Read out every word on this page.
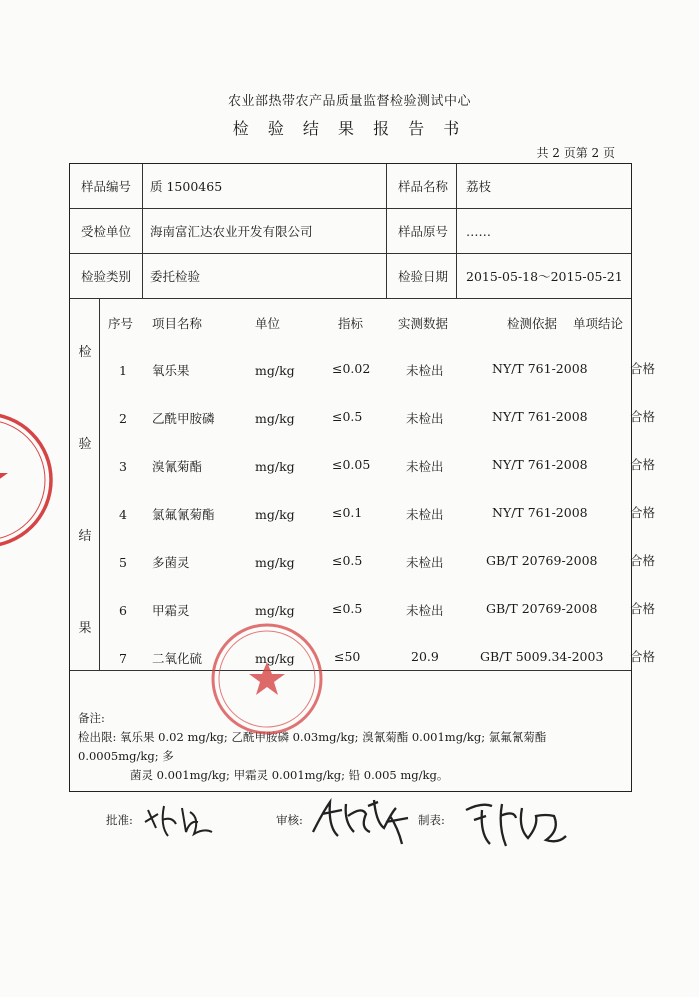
农业部热带农产品质量监督检验测试中心
检 验 结 果 报 告 书
共 2 页第 2 页
样品编号	质 1500465	样品名称	荔枝
受检单位	海南富汇达农业开发有限公司	样品原号	……
检验类别	委托检验	检验日期	2015-05-18～2015-05-21
检
验
结
果
序号 项目名称	单位	指标	实测数据	检测依据 单项结论
1 氧乐果	mg/kg	≤0.02	未检出	NY/T 761-2008	合格
2 乙酰甲胺磷	mg/kg	≤0.5	未检出	NY/T 761-2008	合格
3 溴氰菊酯	mg/kg	≤0.05	未检出	NY/T 761-2008	合格
4 氯氟氰菊酯	mg/kg	≤0.1	未检出	NY/T 761-2008	合格
5 多菌灵	mg/kg	≤0.5	未检出	GB/T 20769-2008	合格
6 甲霜灵	mg/kg	≤0.5	未检出	GB/T 20769-2008	合格
7 二氧化硫	mg/kg	≤50	20.9	GB/T 5009.34-2003 合格
备注:
检出限: 氧乐果 0.02 mg/kg; 乙酰甲胺磷 0.03mg/kg; 溴氰菊酯 0.001mg/kg; 氯氟氰菊酯 0.0005mg/kg; 多
菌灵 0.001mg/kg; 甲霜灵 0.001mg/kg; 铅 0.005 mg/kg。
批准:	审核:	制表:
